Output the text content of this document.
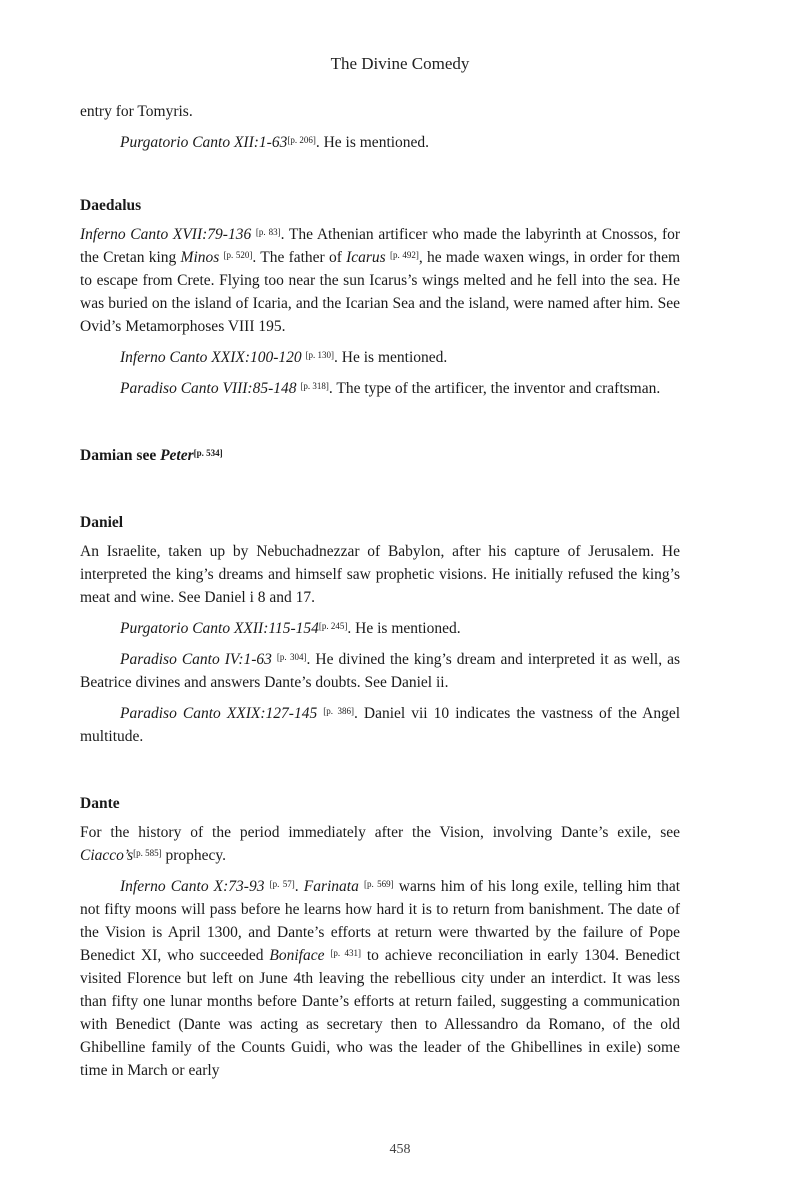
The Divine Comedy

entry for Tomyris.

Purgatorio Canto XII:1-63[p. 206]. He is mentioned.

Daedalus

Inferno Canto XVII:79-136 [p. 83]. The Athenian artificer who made the labyrinth at Cnossos, for the Cretan king Minos [p. 520]. The father of Icarus [p. 492], he made waxen wings, in order for them to escape from Crete. Flying too near the sun Icarus’s wings melted and he fell into the sea. He was buried on the island of Icaria, and the Icarian Sea and the island, were named after him. See Ovid’s Metamorphoses VIII 195.

Inferno Canto XXIX:100-120 [p. 130]. He is mentioned.

Paradiso Canto VIII:85-148 [p. 318]. The type of the artificer, the inventor and craftsman.

Damian see Peter[p. 534]

Daniel

An Israelite, taken up by Nebuchadnezzar of Babylon, after his capture of Jerusalem. He interpreted the king’s dreams and himself saw prophetic visions. He initially refused the king’s meat and wine. See Daniel i 8 and 17.

Purgatorio Canto XXII:115-154[p. 245]. He is mentioned.

Paradiso Canto IV:1-63 [p. 304]. He divined the king’s dream and interpreted it as well, as Beatrice divines and answers Dante’s doubts. See Daniel ii.

Paradiso Canto XXIX:127-145 [p. 386]. Daniel vii 10 indicates the vastness of the Angel multitude.

Dante

For the history of the period immediately after the Vision, involving Dante’s exile, see Ciacco’s[p. 585] prophecy.

Inferno Canto X:73-93 [p. 57]. Farinata [p. 569] warns him of his long exile, telling him that not fifty moons will pass before he learns how hard it is to return from banishment. The date of the Vision is April 1300, and Dante’s efforts at return were thwarted by the failure of Pope Benedict XI, who succeeded Boniface [p. 431] to achieve reconciliation in early 1304. Benedict visited Florence but left on June 4th leaving the rebellious city under an interdict. It was less than fifty one lunar months before Dante’s efforts at return failed, suggesting a communication with Benedict (Dante was acting as secretary then to Allessandro da Romano, of the old Ghibelline family of the Counts Guidi, who was the leader of the Ghibellines in exile) some time in March or early

458
